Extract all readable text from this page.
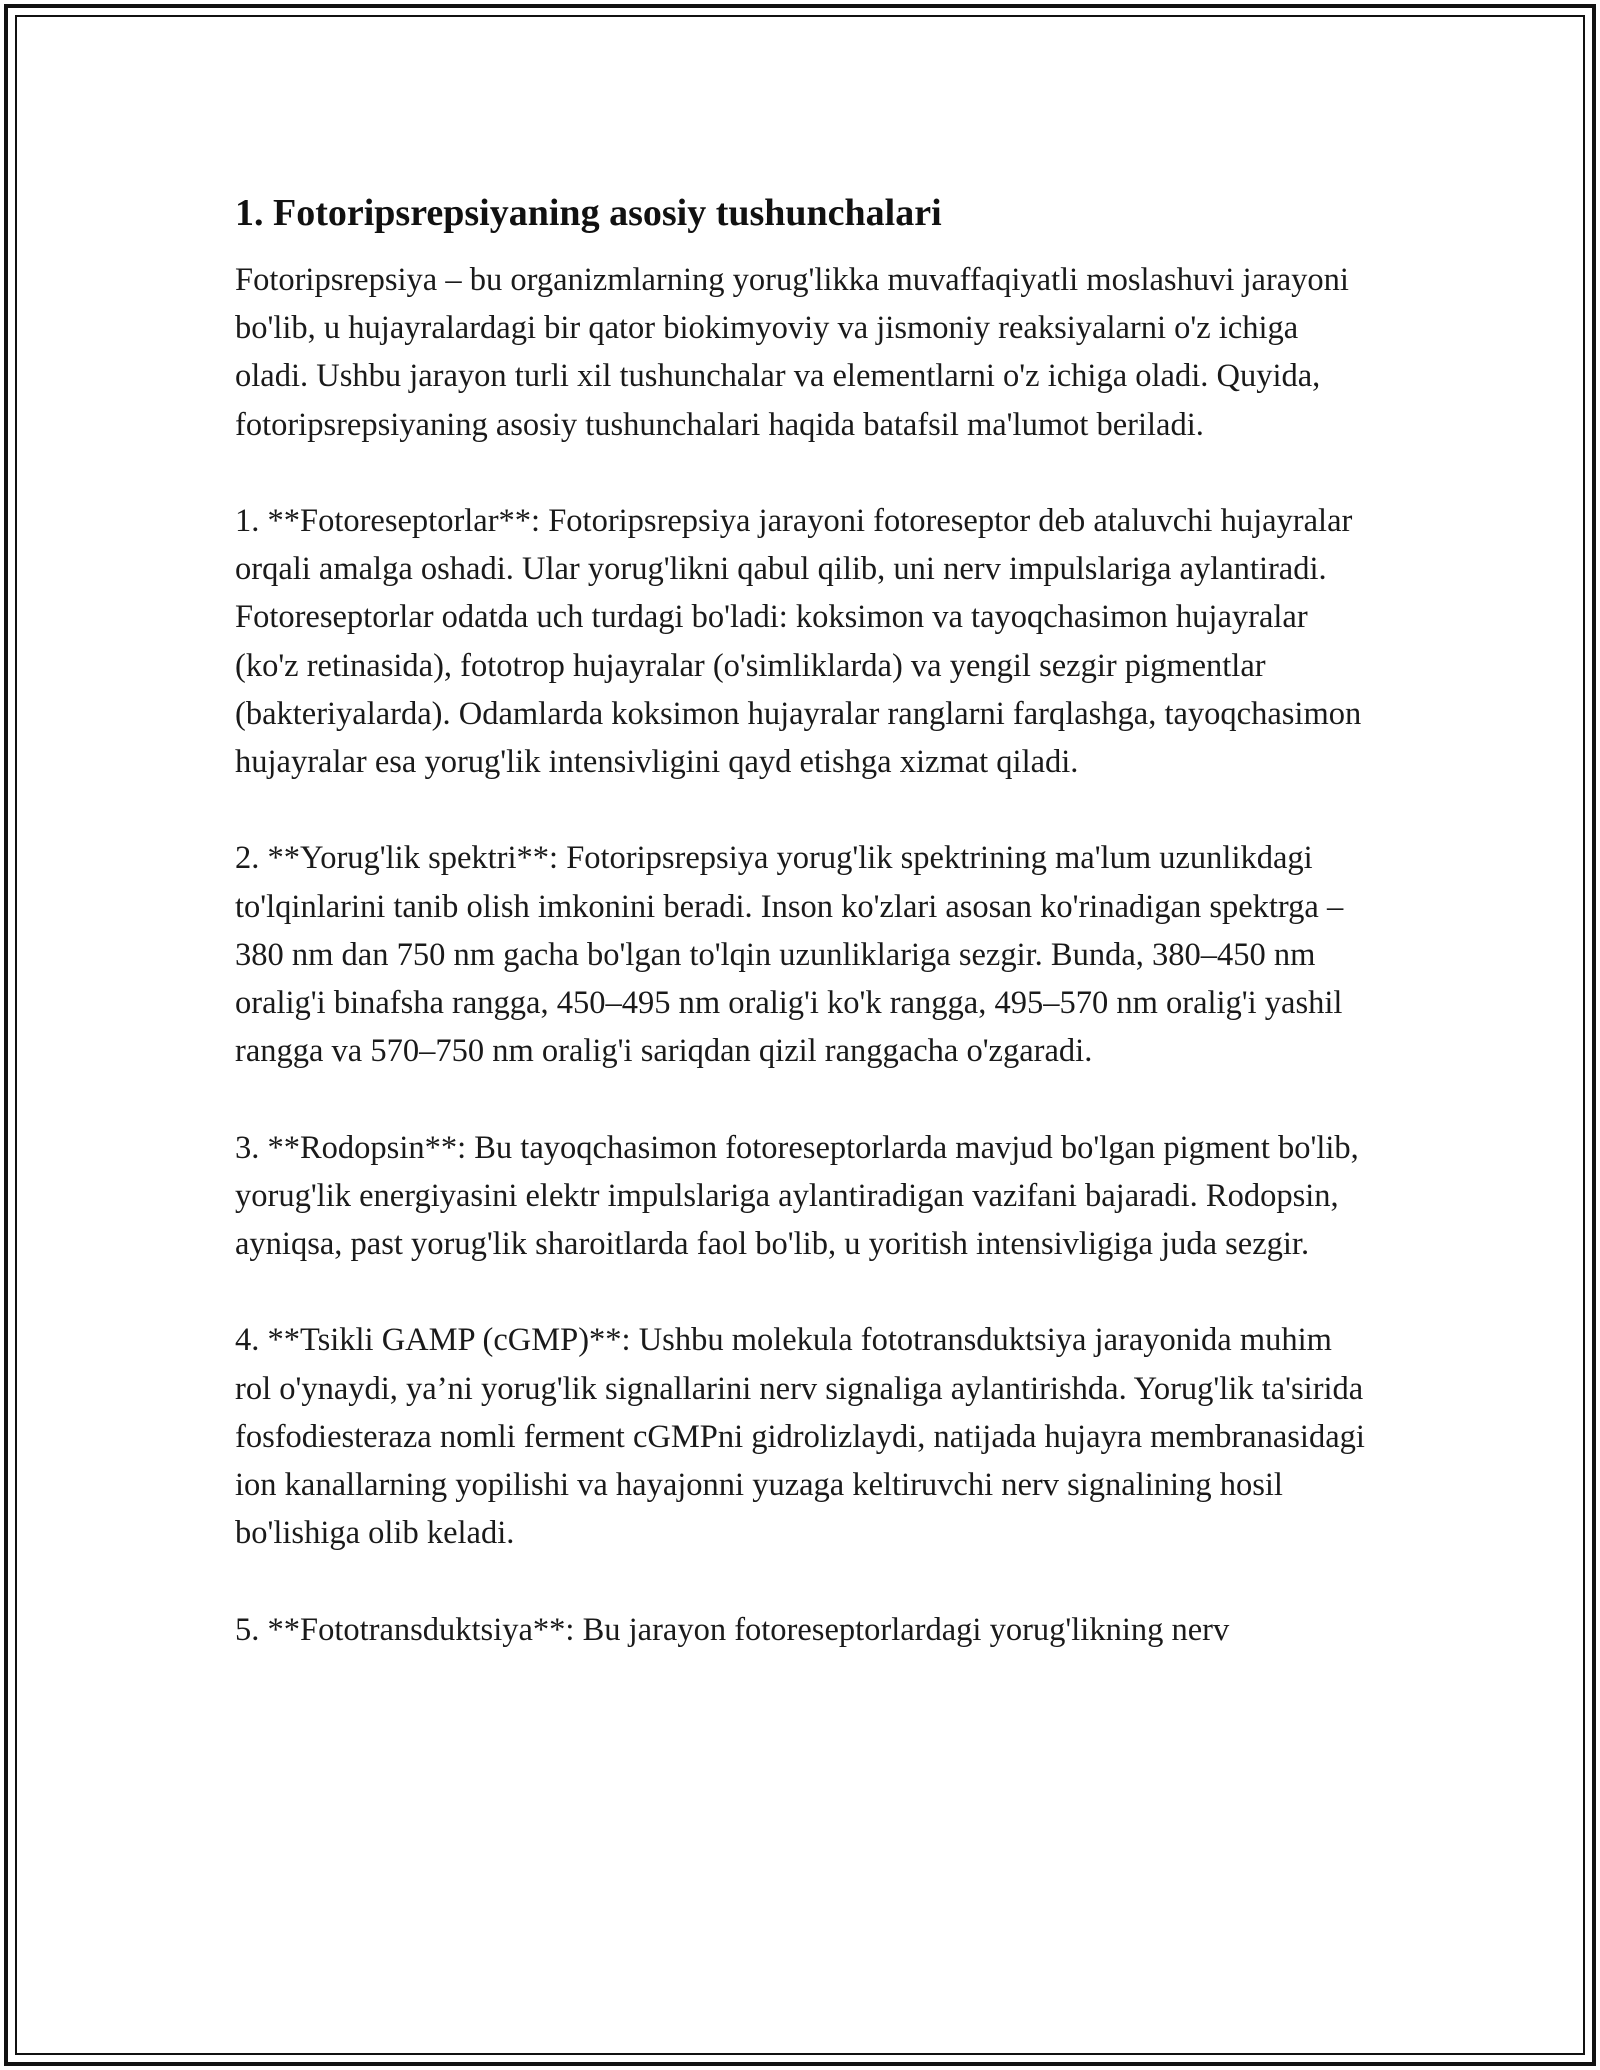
1. Fotoripsrepsiyaning asosiy tushunchalari

Fotoripsrepsiya – bu organizmlarning yorug'likka muvaffaqiyatli moslashuvi jarayoni bo'lib, u hujayralardagi bir qator biokimyoviy va jismoniy reaksiyalarni o'z ichiga oladi. Ushbu jarayon turli xil tushunchalar va elementlarni o'z ichiga oladi. Quyida, fotoripsrepsiyaning asosiy tushunchalari haqida batafsil ma'lumot beriladi.

1. **Fotoreseptorlar**: Fotoripsrepsiya jarayoni fotoreseptor deb ataluvchi hujayralar orqali amalga oshadi. Ular yorug'likni qabul qilib, uni nerv impulslariga aylantiradi. Fotoreseptorlar odatda uch turdagi bo'ladi: koksimon va tayoqchasimon hujayralar (ko'z retinasida), fototrop hujayralar (o'simliklarda) va yengil sezgir pigmentlar (bakteriyalarda). Odamlarda koksimon hujayralar ranglarni farqlashga, tayoqchasimon hujayralar esa yorug'lik intensivligini qayd etishga xizmat qiladi.

2. **Yorug'lik spektri**: Fotoripsrepsiya yorug'lik spektrining ma'lum uzunlikdagi to'lqinlarini tanib olish imkonini beradi. Inson ko'zlari asosan ko'rinadigan spektrga – 380 nm dan 750 nm gacha bo'lgan to'lqin uzunliklariga sezgir. Bunda, 380–450 nm oralig'i binafsha rangga, 450–495 nm oralig'i ko'k rangga, 495–570 nm oralig'i yashil rangga va 570–750 nm oralig'i sariqdan qizil ranggacha o'zgaradi.

3. **Rodopsin**: Bu tayoqchasimon fotoreseptorlarda mavjud bo'lgan pigment bo'lib, yorug'lik energiyasini elektr impulslariga aylantiradigan vazifani bajaradi. Rodopsin, ayniqsa, past yorug'lik sharoitlarda faol bo'lib, u yoritish intensivligiga juda sezgir.

4. **Tsikli GAMP (cGMP)**: Ushbu molekula fototransduktsiya jarayonida muhim rol o'ynaydi, ya’ni yorug'lik signallarini nerv signaliga aylantirishda. Yorug'lik ta'sirida fosfodiesteraza nomli ferment cGMPni gidrolizlaydi, natijada hujayra membranasidagi ion kanallarning yopilishi va hayajonni yuzaga keltiruvchi nerv signalining hosil bo'lishiga olib keladi.

5. **Fototransduktsiya**: Bu jarayon fotoreseptorlardagi yorug'likning nerv
